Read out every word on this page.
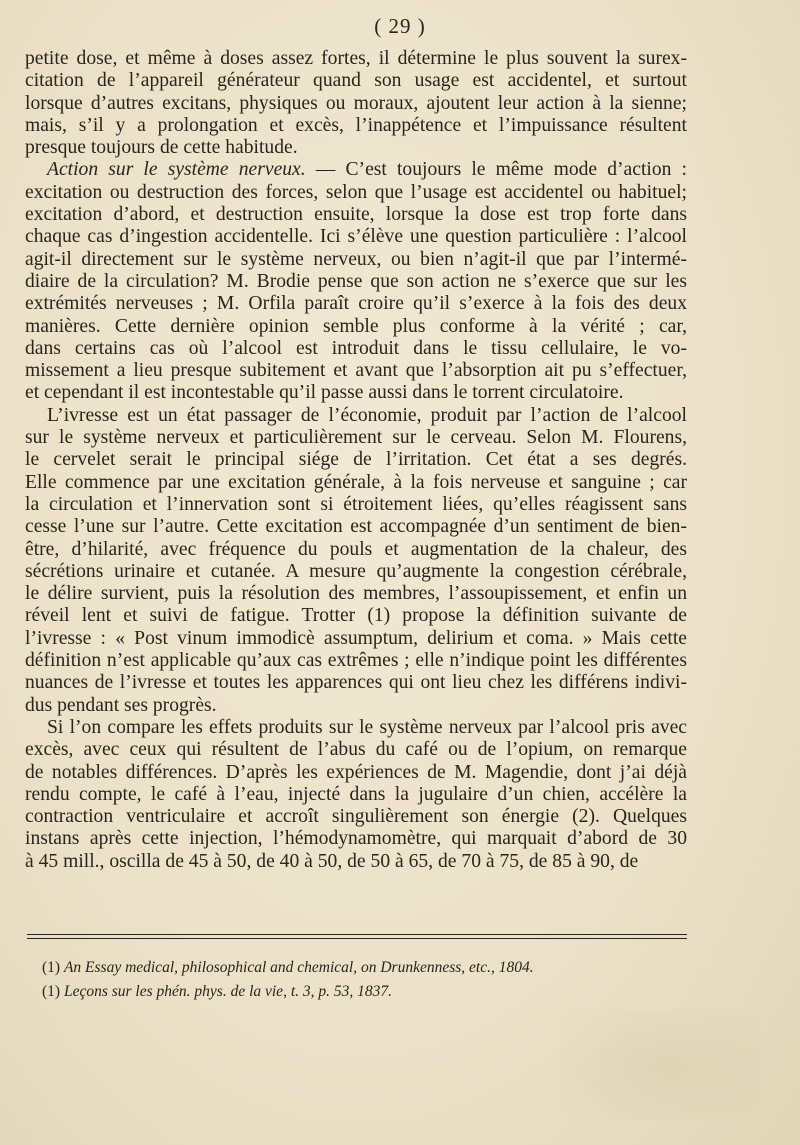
( 29 )
petite dose, et même à doses assez fortes, il détermine le plus souvent la surex-
citation de l’appareil générateur quand son usage est accidentel, et surtout
lorsque d’autres excitans, physiques ou moraux, ajoutent leur action à la sienne;
mais, s’il y a prolongation et excès, l’inappétence et l’impuissance résultent
presque toujours de cette habitude.
Action sur le système nerveux. — C’est toujours le même mode d’action :
excitation ou destruction des forces, selon que l’usage est accidentel ou habituel;
excitation d’abord, et destruction ensuite, lorsque la dose est trop forte dans
chaque cas d’ingestion accidentelle. Ici s’élève une question particulière : l’alcool
agit-il directement sur le système nerveux, ou bien n’agit-il que par l’intermé-
diaire de la circulation? M. Brodie pense que son action ne s’exerce que sur les
extrémités nerveuses ; M. Orfila paraît croire qu’il s’exerce à la fois des deux
manières. Cette dernière opinion semble plus conforme à la vérité ; car,
dans certains cas où l’alcool est introduit dans le tissu cellulaire, le vo-
missement a lieu presque subitement et avant que l’absorption ait pu s’effectuer,
et cependant il est incontestable qu’il passe aussi dans le torrent circulatoire.
L’ivresse est un état passager de l’économie, produit par l’action de l’alcool
sur le système nerveux et particulièrement sur le cerveau. Selon M. Flourens,
le cervelet serait le principal siége de l’irritation. Cet état a ses degrés.
Elle commence par une excitation générale, à la fois nerveuse et sanguine ; car
la circulation et l’innervation sont si étroitement liées, qu’elles réagissent sans
cesse l’une sur l’autre. Cette excitation est accompagnée d’un sentiment de bien-
être, d’hilarité, avec fréquence du pouls et augmentation de la chaleur, des
sécrétions urinaire et cutanée. A mesure qu’augmente la congestion cérébrale,
le délire survient, puis la résolution des membres, l’assoupissement, et enfin un
réveil lent et suivi de fatigue. Trotter (1) propose la définition suivante de
l’ivresse : « Post vinum immodicè assumptum, delirium et coma. » Mais cette
définition n’est applicable qu’aux cas extrêmes ; elle n’indique point les différentes
nuances de l’ivresse et toutes les apparences qui ont lieu chez les différens indivi-
dus pendant ses progrès.
Si l’on compare les effets produits sur le système nerveux par l’alcool pris avec
excès, avec ceux qui résultent de l’abus du café ou de l’opium, on remarque
de notables différences. D’après les expériences de M. Magendie, dont j’ai déjà
rendu compte, le café à l’eau, injecté dans la jugulaire d’un chien, accélère la
contraction ventriculaire et accroît singulièrement son énergie (2). Quelques
instans après cette injection, l’hémodynamomètre, qui marquait d’abord de 30
à 45 mill., oscilla de 45 à 50, de 40 à 50, de 50 à 65, de 70 à 75, de 85 à 90, de
(1) An Essay medical, philosophical and chemical, on Drunkenness, etc., 1804.
(1) Leçons sur les phén. phys. de la vie, t. 3, p. 53, 1837.
